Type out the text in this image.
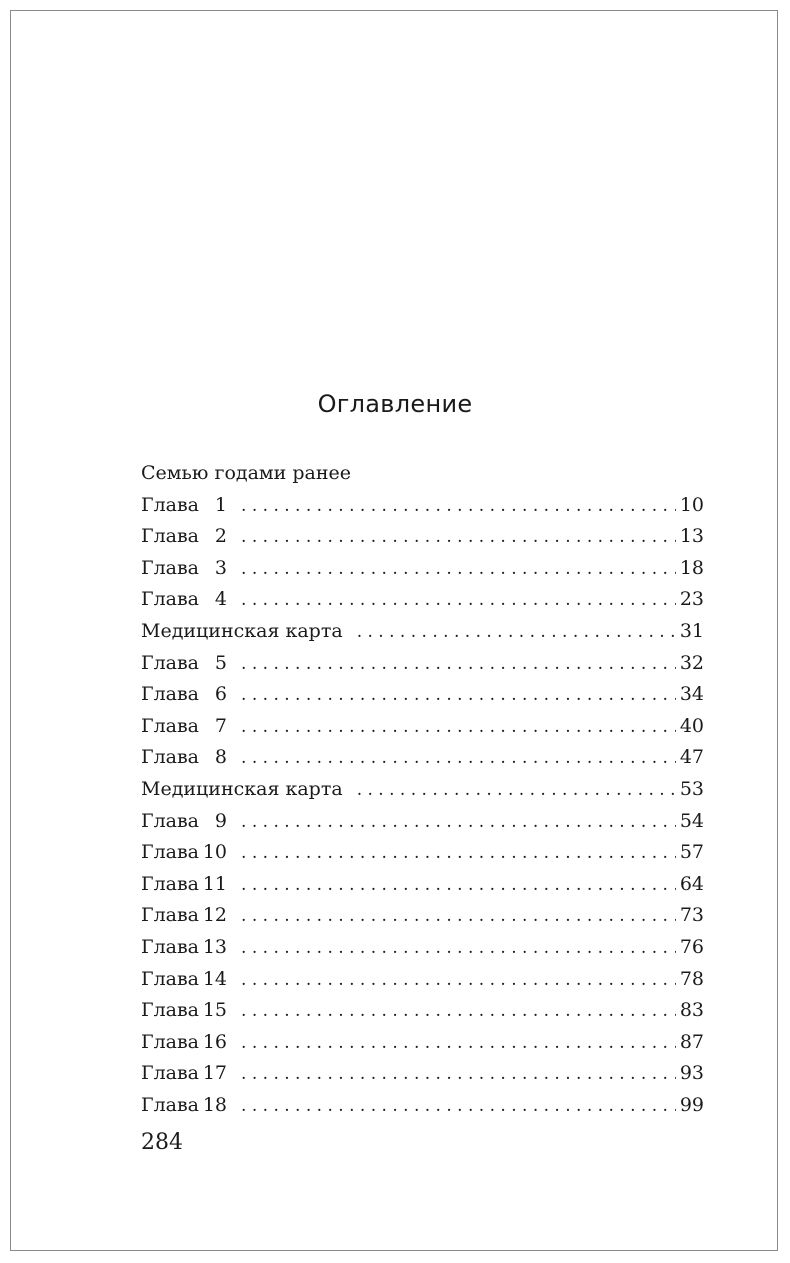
Оглавление
Семью годами ранее
Глава 1 . . .	10
Глава 2 . . .	13
Глава 3 . . .	18
Глава 4 . . .	23
Медицинская карта . . .	31
Глава 5 . . .	32
Глава 6 . . .	34
Глава 7 . . .	40
Глава 8 . . .	47
Медицинская карта . . .	53
Глава 9 . . .	54
Глава 10 . . .	57
Глава 11 . . .	64
Глава 12 . . .	73
Глава 13 . . .	76
Глава 14 . . .	78
Глава 15 . . .	83
Глава 16 . . .	87
Глава 17 . . .	93
Глава 18 . . .	99

284
